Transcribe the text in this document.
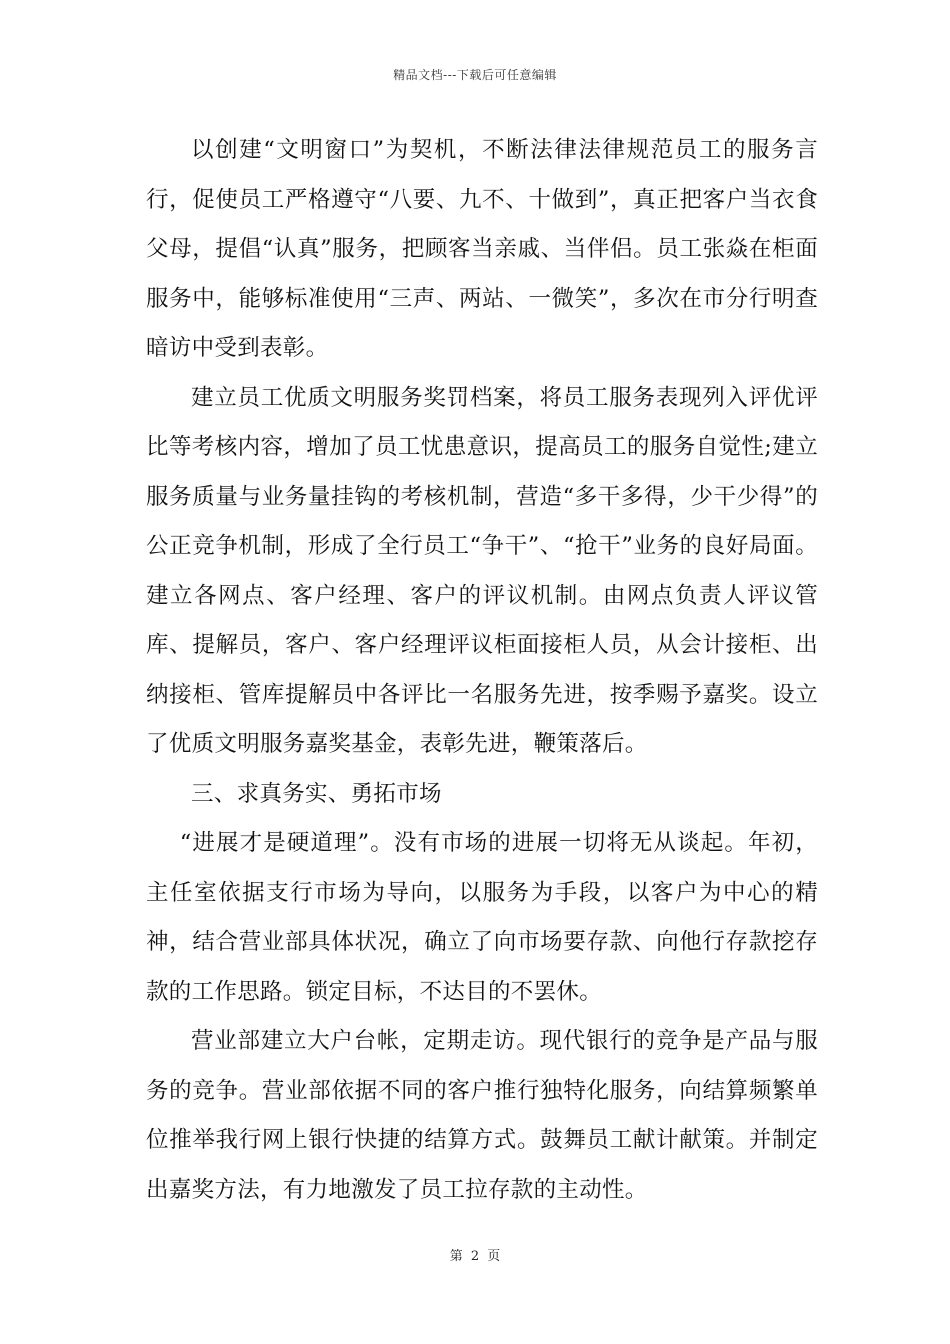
精品文档---下载后可任意编辑

以创建“文明窗口”为契机，不断法律法律规范员工的服务言行，促使员工严格遵守“八要、九不、十做到”，真正把客户当衣食父母，提倡“认真”服务，把顾客当亲戚、当伴侣。员工张焱在柜面服务中，能够标准使用“三声、两站、一微笑”，多次在市分行明查暗访中受到表彰。

建立员工优质文明服务奖罚档案，将员工服务表现列入评优评比等考核内容，增加了员工忧患意识，提高员工的服务自觉性;建立服务质量与业务量挂钩的考核机制，营造“多干多得，少干少得”的公正竞争机制，形成了全行员工“争干”、“抢干”业务的良好局面。建立各网点、客户经理、客户的评议机制。由网点负责人评议管库、提解员，客户、客户经理评议柜面接柜人员，从会计接柜、出纳接柜、管库提解员中各评比一名服务先进，按季赐予嘉奖。设立了优质文明服务嘉奖基金，表彰先进，鞭策落后。

三、求真务实、勇拓市场

“进展才是硬道理”。没有市场的进展一切将无从谈起。年初，主任室依据支行市场为导向，以服务为手段，以客户为中心的精神，结合营业部具体状况，确立了向市场要存款、向他行存款挖存款的工作思路。锁定目标，不达目的不罢休。

营业部建立大户台帐，定期走访。现代银行的竞争是产品与服务的竞争。营业部依据不同的客户推行独特化服务，向结算频繁单位推举我行网上银行快捷的结算方式。鼓舞员工献计献策。并制定出嘉奖方法，有力地激发了员工拉存款的主动性。

第 2 页
